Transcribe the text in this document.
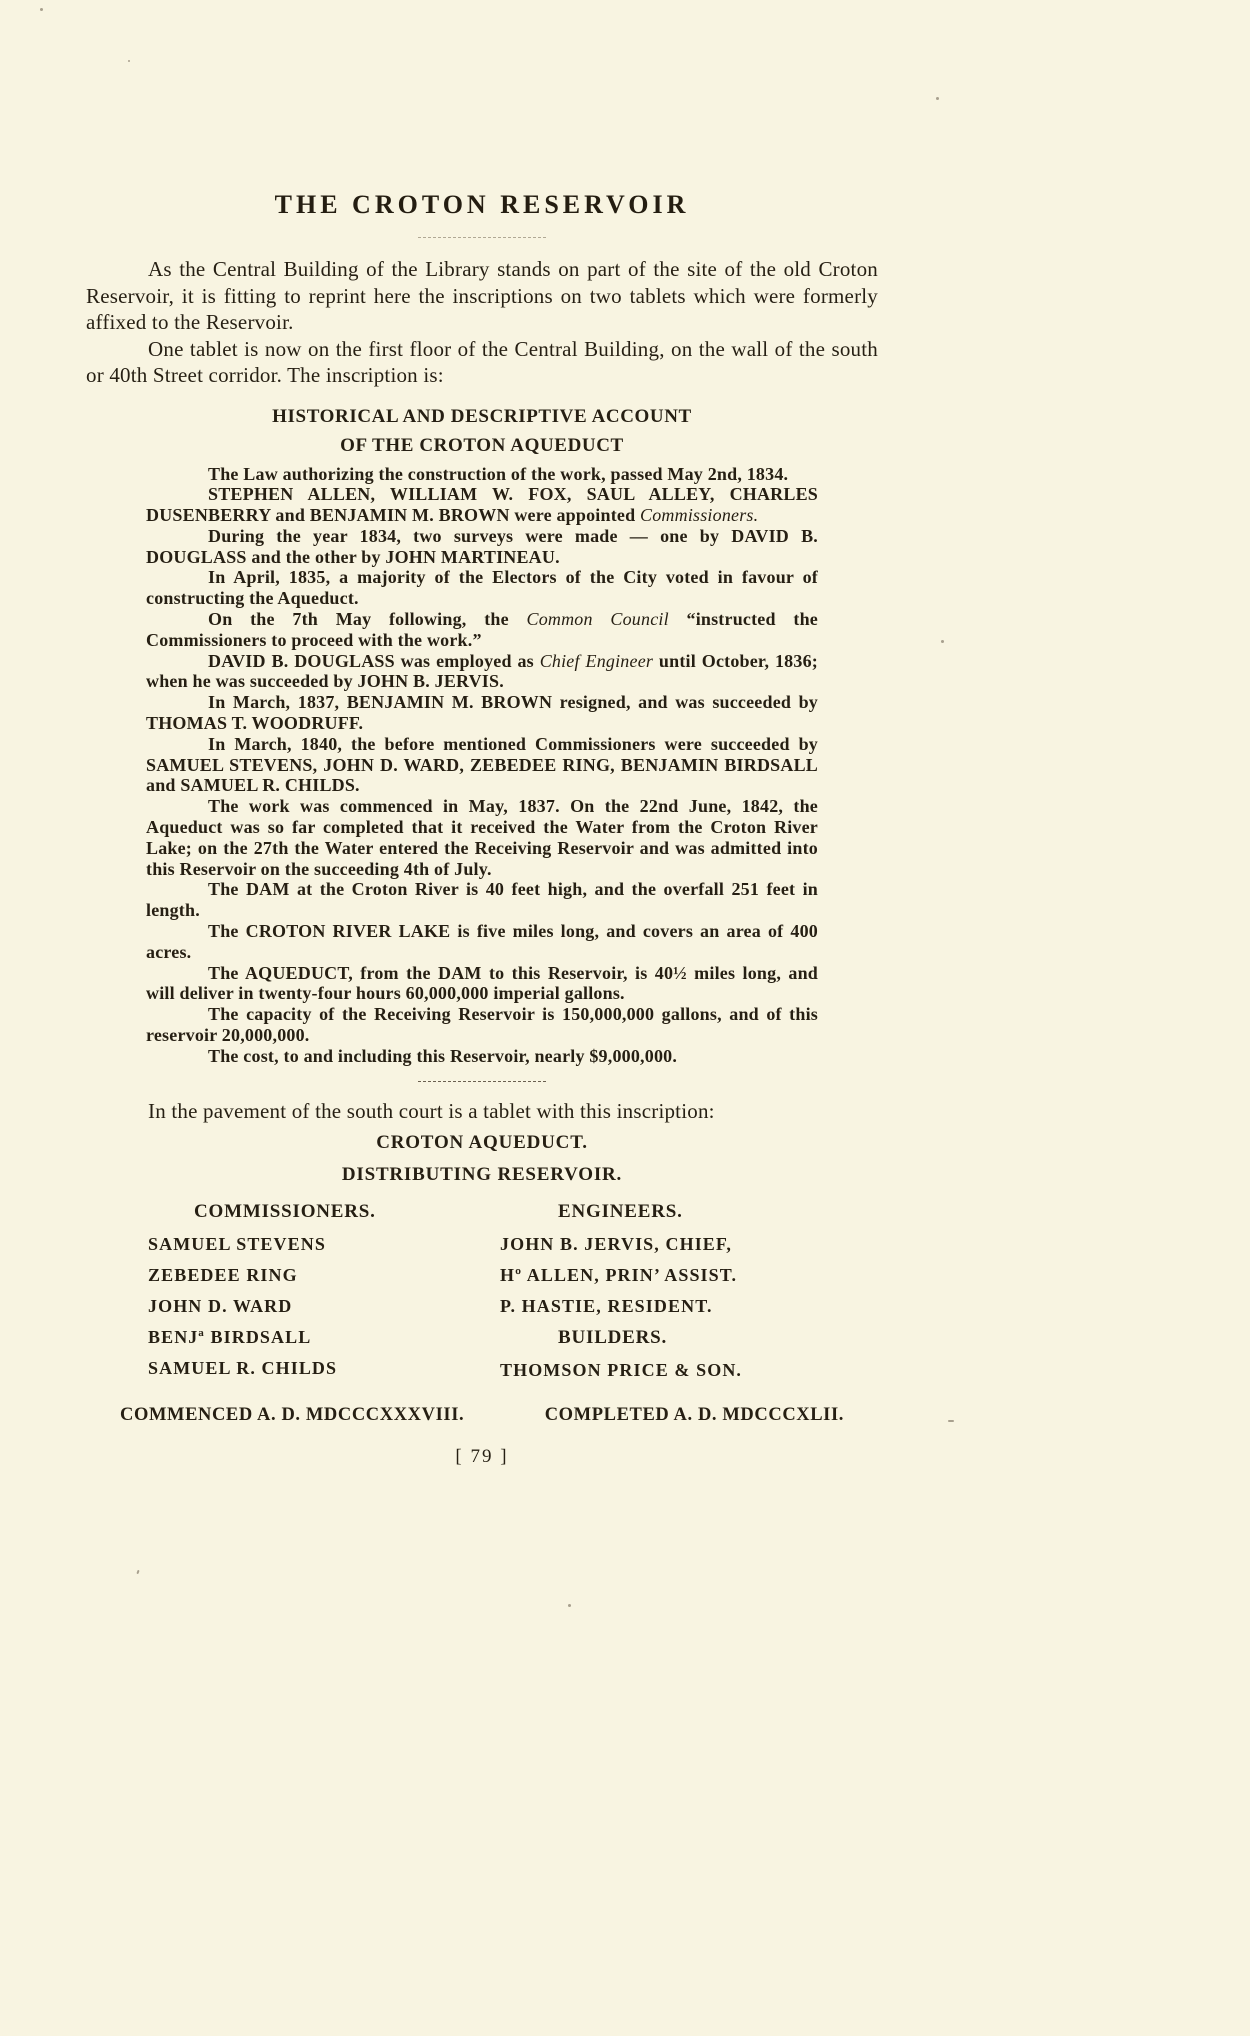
THE CROTON RESERVOIR

As the Central Building of the Library stands on part of the site of the old Croton Reservoir, it is fitting to reprint here the inscriptions on two tablets which were formerly affixed to the Reservoir.

One tablet is now on the first floor of the Central Building, on the wall of the south or 40th Street corridor. The inscription is:

HISTORICAL AND DESCRIPTIVE ACCOUNT
OF THE CROTON AQUEDUCT

The Law authorizing the construction of the work, passed May 2nd, 1834.

STEPHEN ALLEN, WILLIAM W. FOX, SAUL ALLEY, CHARLES DUSENBERRY and BENJAMIN M. BROWN were appointed Commissioners.

During the year 1834, two surveys were made — one by DAVID B. DOUGLASS and the other by JOHN MARTINEAU.

In April, 1835, a majority of the Electors of the City voted in favour of constructing the Aqueduct.

On the 7th May following, the Common Council “instructed the Commissioners to proceed with the work.”

DAVID B. DOUGLASS was employed as Chief Engineer until October, 1836; when he was succeeded by JOHN B. JERVIS.

In March, 1837, BENJAMIN M. BROWN resigned, and was succeeded by THOMAS T. WOODRUFF.

In March, 1840, the before mentioned Commissioners were succeeded by SAMUEL STEVENS, JOHN D. WARD, ZEBEDEE RING, BENJAMIN BIRDSALL and SAMUEL R. CHILDS.

The work was commenced in May, 1837. On the 22nd June, 1842, the Aqueduct was so far completed that it received the Water from the Croton River Lake; on the 27th the Water entered the Receiving Reservoir and was admitted into this Reservoir on the succeeding 4th of July.

The DAM at the Croton River is 40 feet high, and the overfall 251 feet in length.

The CROTON RIVER LAKE is five miles long, and covers an area of 400 acres.

The AQUEDUCT, from the DAM to this Reservoir, is 40½ miles long, and will deliver in twenty-four hours 60,000,000 imperial gallons.

The capacity of the Receiving Reservoir is 150,000,000 gallons, and of this reservoir 20,000,000.

The cost, to and including this Reservoir, nearly $9,000,000.

In the pavement of the south court is a tablet with this inscription:

CROTON AQUEDUCT.
DISTRIBUTING RESERVOIR.
COMMISSIONERS.
SAMUEL STEVENS
ZEBEDEE RING
JOHN D. WARD
BENJª BIRDSALL
SAMUEL R. CHILDS
ENGINEERS.
JOHN B. JERVIS, CHIEF,
Hº ALLEN, PRIN’ ASSIST.
P. HASTIE, RESIDENT.
BUILDERS.
THOMSON PRICE & SON.
COMMENCED A. D. MDCCCXXXVIII.	COMPLETED A. D. MDCCCXLII.
[ 79 ]
